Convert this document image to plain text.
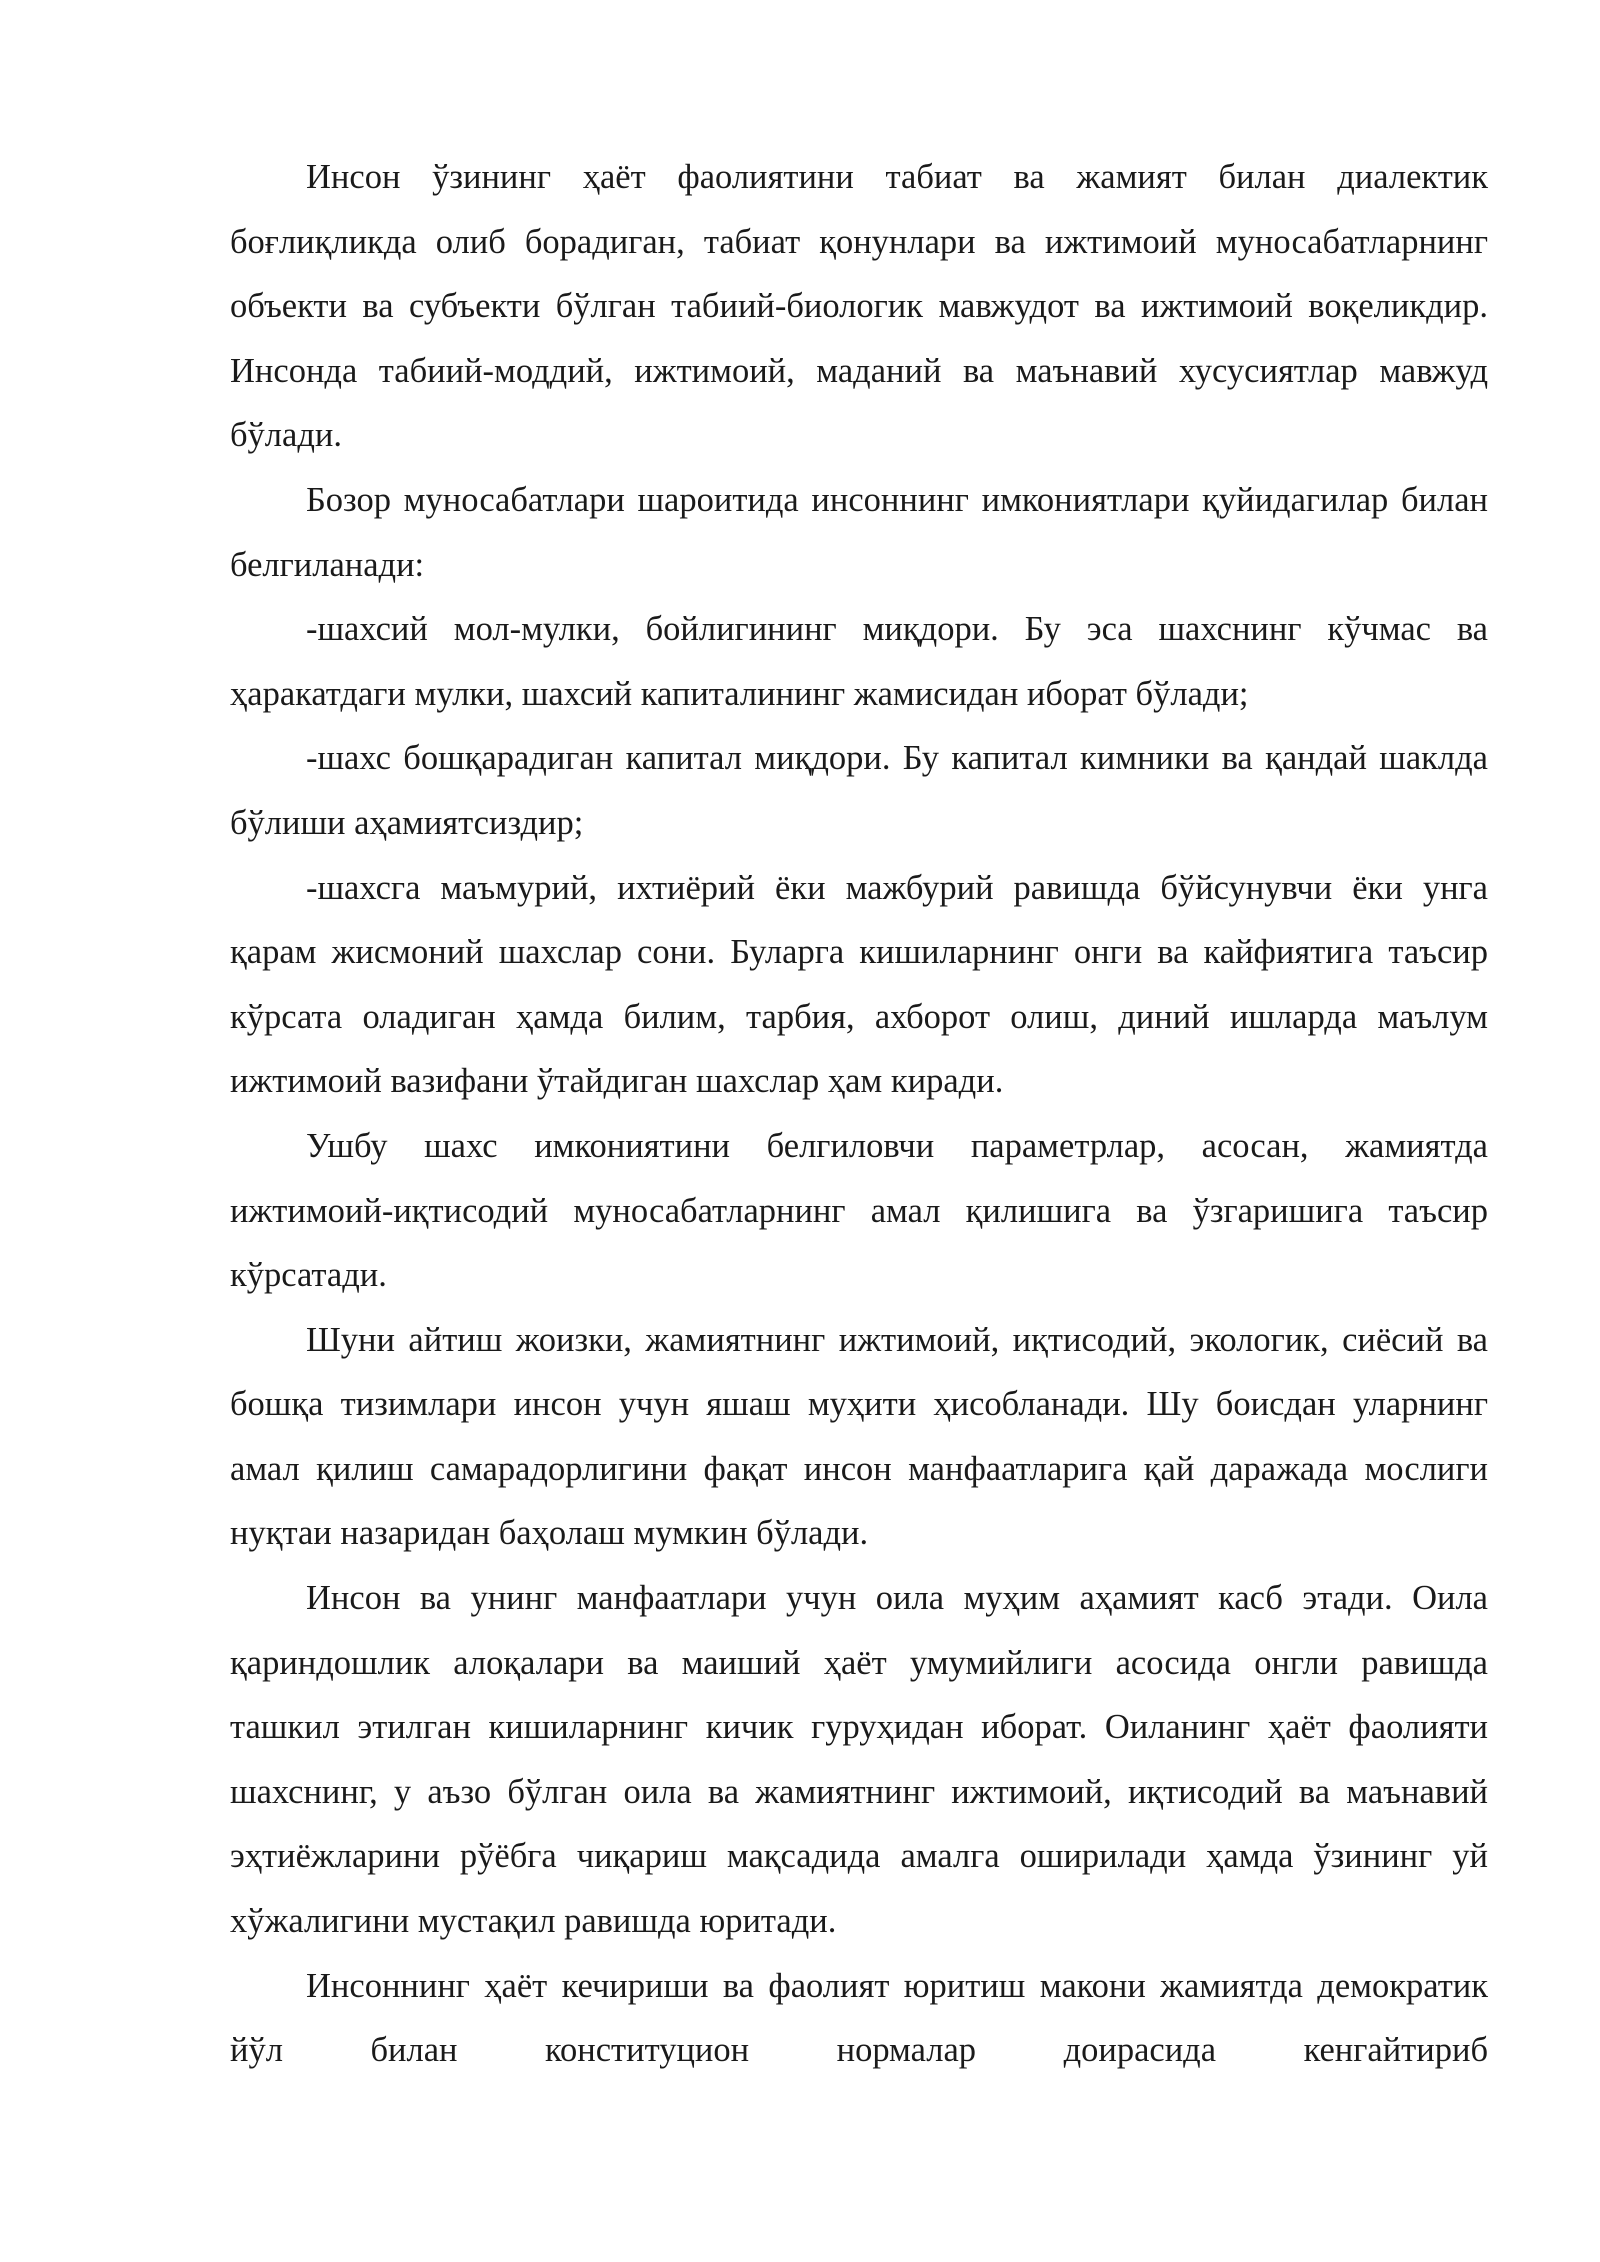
Инсон ўзининг ҳаёт фаолиятини табиат ва жамият билан диалектик боғлиқликда олиб борадиган, табиат қонунлари ва ижтимоий муносабатларнинг объекти ва субъекти бўлган табиий-биологик мавжудот ва ижтимоий воқеликдир. Инсонда табиий-моддий, ижтимоий, маданий ва маънавий хусусиятлар мавжуд бўлади.

Бозор муносабатлари шароитида инсоннинг имкониятлари қуйидагилар билан белгиланади:

-шахсий мол-мулки, бойлигининг миқдори. Бу эса шахснинг кўчмас ва ҳаракатдаги мулки, шахсий капиталининг жамисидан иборат бўлади;

-шахс бошқарадиган капитал миқдори. Бу капитал кимники ва қандай шаклда бўлиши аҳамиятсиздир;

-шахсга маъмурий, ихтиёрий ёки мажбурий равишда бўйсунувчи ёки унга қарам жисмоний шахслар сони. Буларга кишиларнинг онги ва кайфиятига таъсир кўрсата оладиган ҳамда билим, тарбия, ахборот олиш, диний ишларда маълум ижтимоий вазифани ўтайдиган шахслар ҳам киради.

Ушбу шахс имкониятини белгиловчи параметрлар, асосан, жамиятда ижтимоий-иқтисодий муносабатларнинг амал қилишига ва ўзгаришига таъсир кўрсатади.

Шуни айтиш жоизки, жамиятнинг ижтимоий, иқтисодий, экологик, сиёсий ва бошқа тизимлари инсон учун яшаш муҳити ҳисобланади. Шу боисдан уларнинг амал қилиш самарадорлигини фақат инсон манфаатларига қай даражада мослиги нуқтаи назаридан баҳолаш мумкин бўлади.

Инсон ва унинг манфаатлари учун оила муҳим аҳамият касб этади. Оила қариндошлик алоқалари ва маиший ҳаёт умумийлиги асосида онгли равишда ташкил этилган кишиларнинг кичик гуруҳидан иборат. Оиланинг ҳаёт фаолияти шахснинг, у аъзо бўлган оила ва жамиятнинг ижтимоий, иқтисодий ва маънавий эҳтиёжларини рўёбга чиқариш мақсадида амалга оширилади ҳамда ўзининг уй хўжалигини мустақил равишда юритади.

Инсоннинг ҳаёт кечириши ва фаолият юритиш макони жамиятда демократик йўл билан конституцион нормалар доирасида кенгайтириб
